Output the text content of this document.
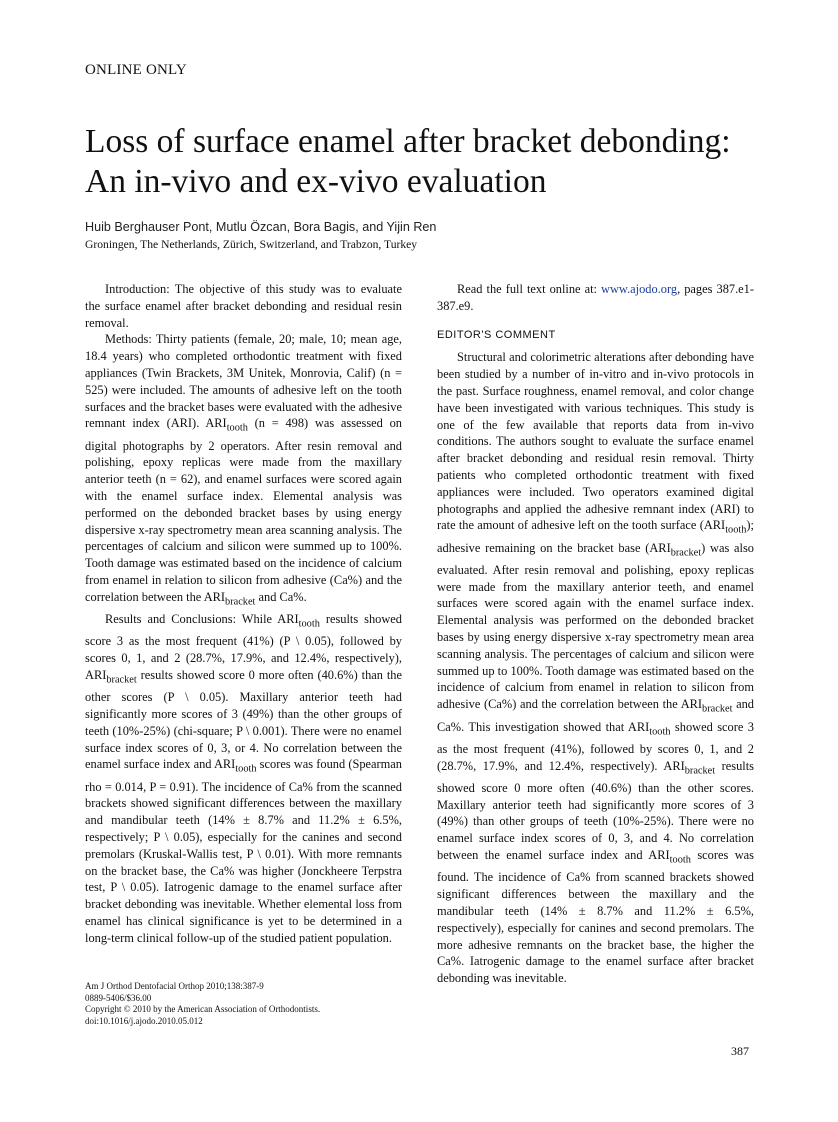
ONLINE ONLY
Loss of surface enamel after bracket debonding:
An in-vivo and ex-vivo evaluation
Huib Berghauser Pont, Mutlu Özcan, Bora Bagis, and Yijin Ren
Groningen, The Netherlands, Zürich, Switzerland, and Trabzon, Turkey

Introduction: The objective of this study was to evaluate the surface enamel after bracket debonding and residual resin removal.

Methods: Thirty patients (female, 20; male, 10; mean age, 18.4 years) who completed orthodontic treatment with fixed appliances (Twin Brackets, 3M Unitek, Monrovia, Calif) (n = 525) were included. The amounts of adhesive left on the tooth surfaces and the bracket bases were evaluated with the adhesive remnant index (ARI). $ARI_{tooth}$ (n = 498) was assessed on digital photographs by 2 operators. After resin removal and polishing, epoxy replicas were made from the maxillary anterior teeth (n = 62), and enamel surfaces were scored again with the enamel surface index. Elemental analysis was performed on the debonded bracket bases by using energy dispersive x-ray spectrometry mean area scanning analysis. The percentages of calcium and silicon were summed up to 100%. Tooth damage was estimated based on the incidence of calcium from enamel in relation to silicon from adhesive (Ca%) and the correlation between the $ARI_{bracket}$ and Ca%.

Results and Conclusions: While $ARI_{tooth}$ results showed score 3 as the most frequent (41%) (P \ 0.05), followed by scores 0, 1, and 2 (28.7%, 17.9%, and 12.4%, respectively), $ARI_{bracket}$ results showed score 0 more often (40.6%) than the other scores (P \ 0.05). Maxillary anterior teeth had significantly more scores of 3 (49%) than the other groups of teeth (10%-25%) (chi-square; P \ 0.001). There were no enamel surface index scores of 0, 3, or 4. No correlation between the enamel surface index and $ARI_{tooth}$ scores was found (Spearman rho = 0.014, P = 0.91). The incidence of Ca% from the scanned brackets showed significant differences between the maxillary and mandibular teeth (14% ± 8.7% and 11.2% ± 6.5%, respectively; P \ 0.05), especially for the canines and second premolars (Kruskal-Wallis test, P \ 0.01). With more remnants on the bracket base, the Ca% was higher (Jonckheere Terpstra test, P \ 0.05). Iatrogenic damage to the enamel surface after bracket debonding was inevitable. Whether elemental loss from enamel has clinical significance is yet to be determined in a long-term clinical follow-up of the studied patient population.

Read the full text online at: www.ajodo.org, pages 387.e1-387.e9.

EDITOR'S COMMENT

Structural and colorimetric alterations after debonding have been studied by a number of in-vitro and in-vivo protocols in the past. Surface roughness, enamel removal, and color change have been investigated with various techniques. This study is one of the few available that reports data from in-vivo conditions. The authors sought to evaluate the surface enamel after bracket debonding and residual resin removal. Thirty patients who completed orthodontic treatment with fixed appliances were included. Two operators examined digital photographs and applied the adhesive remnant index (ARI) to rate the amount of adhesive left on the tooth surface $(ARI_{tooth})$; adhesive remaining on the bracket base $(ARI_{bracket})$ was also evaluated. After resin removal and polishing, epoxy replicas were made from the maxillary anterior teeth, and enamel surfaces were scored again with the enamel surface index. Elemental analysis was performed on the debonded bracket bases by using energy dispersive x-ray spectrometry mean area scanning analysis. The percentages of calcium and silicon were summed up to 100%. Tooth damage was estimated based on the incidence of calcium from enamel in relation to silicon from adhesive (Ca%) and the correlation between the $ARI_{bracket}$ and Ca%. This investigation showed that $ARI_{tooth}$ showed score 3 as the most frequent (41%), followed by scores 0, 1, and 2 (28.7%, 17.9%, and 12.4%, respectively). $ARI_{bracket}$ results showed score 0 more often (40.6%) than the other scores. Maxillary anterior teeth had significantly more scores of 3 (49%) than other groups of teeth (10%-25%). There were no enamel surface index scores of 0, 3, and 4. No correlation between the enamel surface index and $ARI_{tooth}$ scores was found. The incidence of Ca% from scanned brackets showed significant differences between the maxillary and the mandibular teeth (14% ± 8.7% and 11.2% ± 6.5%, respectively), especially for canines and second premolars. The more adhesive remnants on the bracket base, the higher the Ca%. Iatrogenic damage to the enamel surface after bracket debonding was inevitable.

Am J Orthod Dentofacial Orthop 2010;138:387-9
0889-5406/$36.00
Copyright © 2010 by the American Association of Orthodontists.
doi:10.1016/j.ajodo.2010.05.012
387
